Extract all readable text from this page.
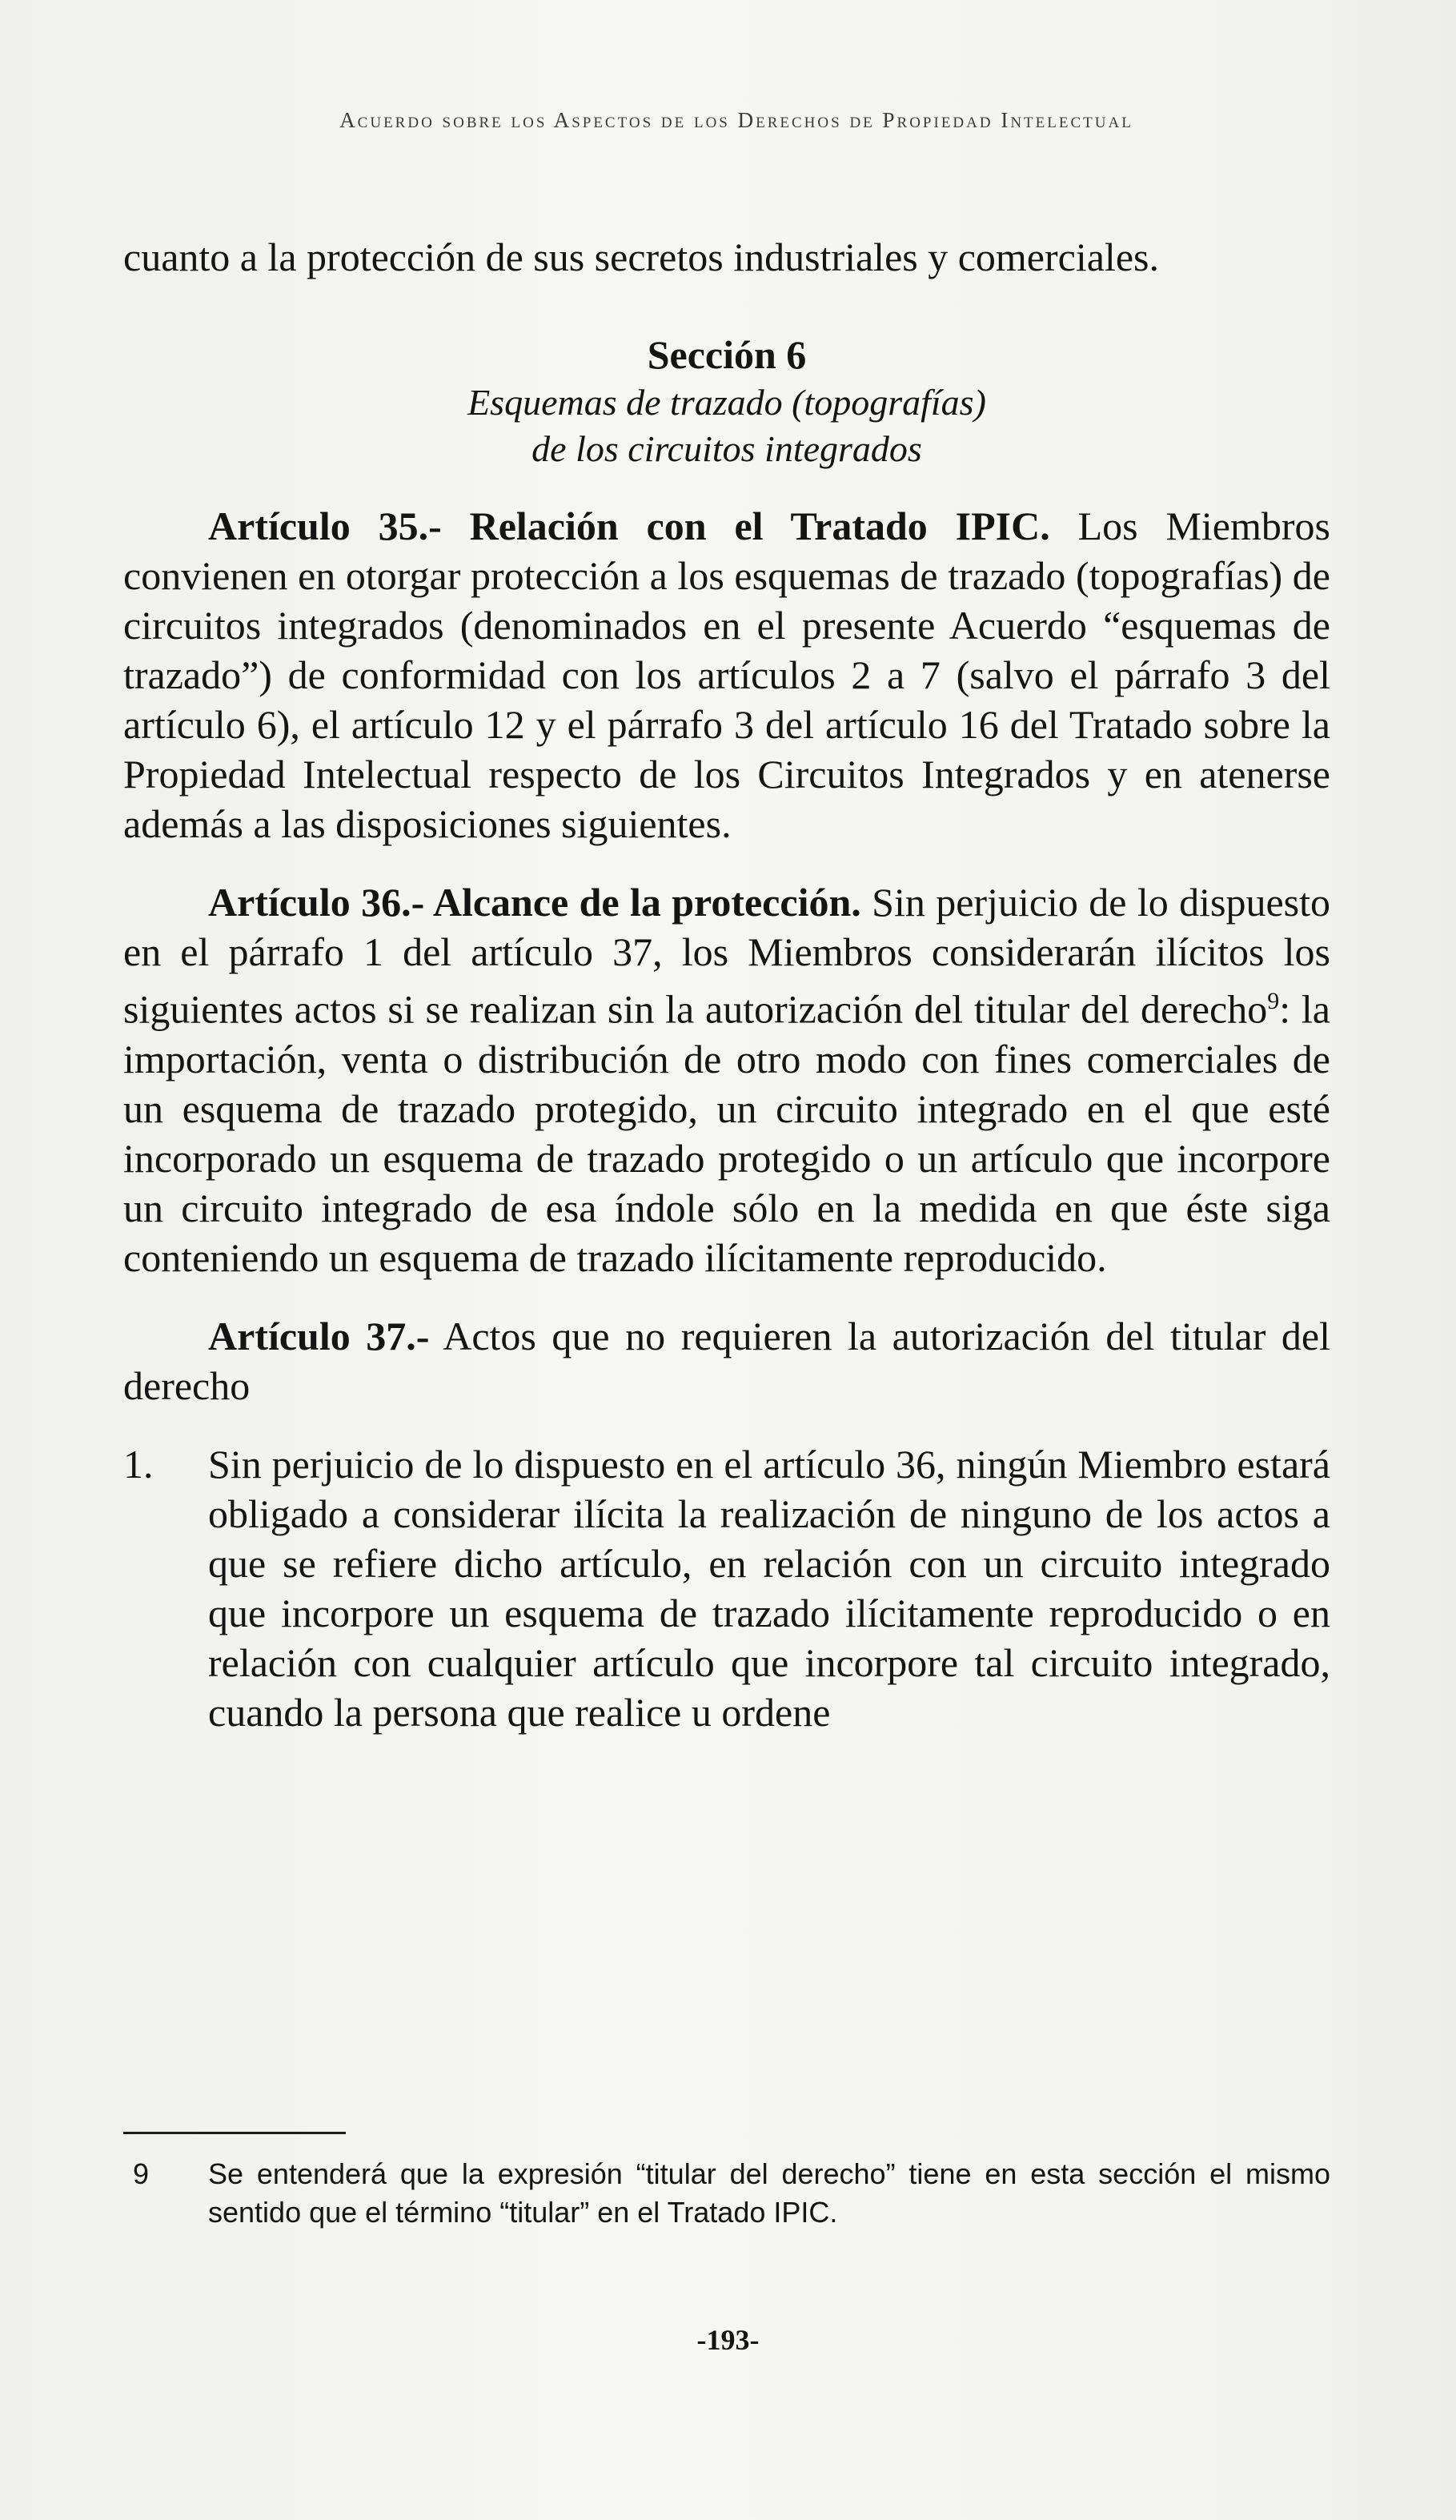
Acuerdo sobre los Aspectos de los Derechos de Propiedad Intelectual

cuanto a la protección de sus secretos industriales y comerciales.

Sección 6
Esquemas de trazado (topografías)
de los circuitos integrados

Artículo 35.- Relación con el Tratado IPIC. Los Miembros convienen en otorgar protección a los esquemas de trazado (topografías) de circuitos integrados (denominados en el presente Acuerdo “esquemas de trazado”) de conformidad con los artículos 2 a 7 (salvo el párrafo 3 del artículo 6), el artículo 12 y el párrafo 3 del artículo 16 del Tratado sobre la Propiedad Intelectual respecto de los Circuitos Integrados y en atenerse además a las disposiciones siguientes.

Artículo 36.- Alcance de la protección. Sin perjuicio de lo dispuesto en el párrafo 1 del artículo 37, los Miembros considerarán ilícitos los siguientes actos si se realizan sin la autorización del titular del derecho$^9$: la importación, venta o distribución de otro modo con fines comerciales de un esquema de trazado protegido, un circuito integrado en el que esté incorporado un esquema de trazado protegido o un artículo que incorpore un circuito integrado de esa índole sólo en la medida en que éste siga conteniendo un esquema de trazado ilícitamente reproducido.

Artículo 37.- Actos que no requieren la autorización del titular del derecho

1. Sin perjuicio de lo dispuesto en el artículo 36, ningún Miembro estará obligado a considerar ilícita la realización de ninguno de los actos a que se refiere dicho artículo, en relación con un circuito integrado que incorpore un esquema de trazado ilícitamente reproducido o en relación con cualquier artículo que incorpore tal circuito integrado, cuando la persona que realice u ordene

9 Se entenderá que la expresión “titular del derecho” tiene en esta sección el mismo sentido que el término “titular” en el Tratado IPIC.
-193-
